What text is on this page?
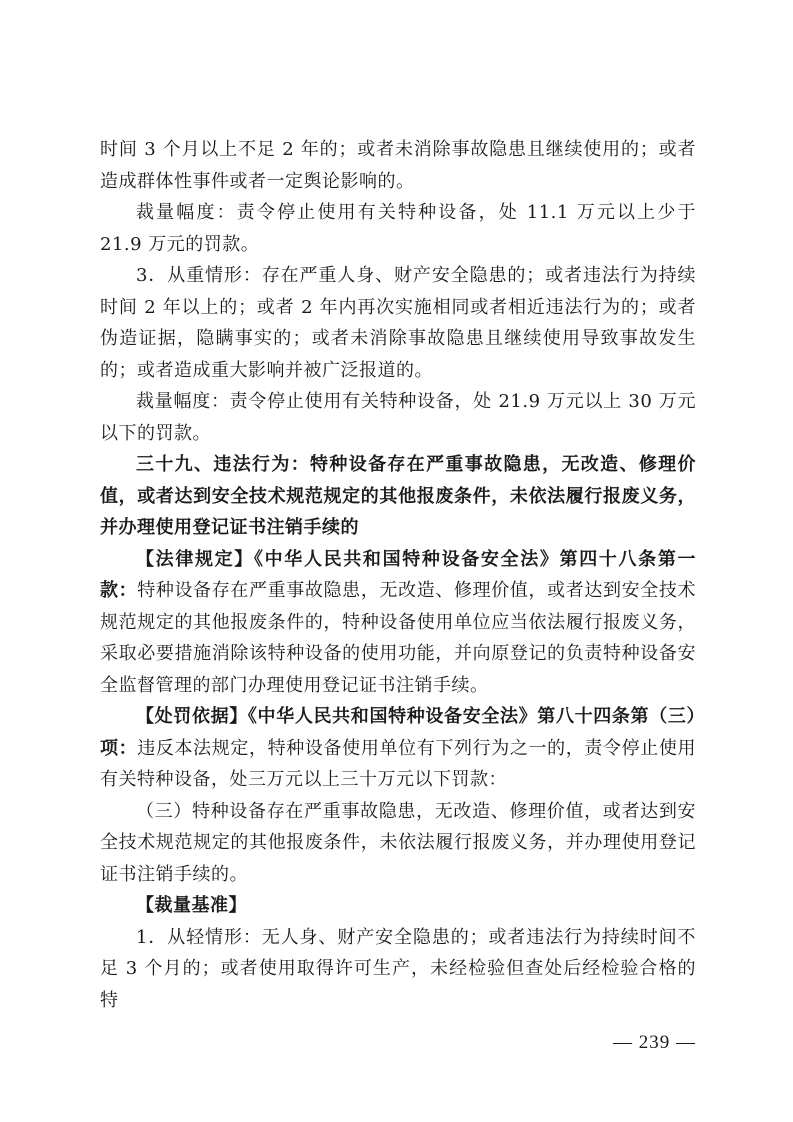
时间 3 个月以上不足 2 年的；或者未消除事故隐患且继续使用的；或者造成群体性事件或者一定舆论影响的。

裁量幅度：责令停止使用有关特种设备，处 11.1 万元以上少于 21.9 万元的罚款。

3．从重情形：存在严重人身、财产安全隐患的；或者违法行为持续时间 2 年以上的；或者 2 年内再次实施相同或者相近违法行为的；或者伪造证据，隐瞒事实的；或者未消除事故隐患且继续使用导致事故发生的；或者造成重大影响并被广泛报道的。

裁量幅度：责令停止使用有关特种设备，处 21.9 万元以上 30 万元以下的罚款。

三十九、违法行为：特种设备存在严重事故隐患，无改造、修理价值，或者达到安全技术规范规定的其他报废条件，未依法履行报废义务，并办理使用登记证书注销手续的

【法律规定】《中华人民共和国特种设备安全法》第四十八条第一款：特种设备存在严重事故隐患，无改造、修理价值，或者达到安全技术规范规定的其他报废条件的，特种设备使用单位应当依法履行报废义务，采取必要措施消除该特种设备的使用功能，并向原登记的负责特种设备安全监督管理的部门办理使用登记证书注销手续。

【处罚依据】《中华人民共和国特种设备安全法》第八十四条第（三）项：违反本法规定，特种设备使用单位有下列行为之一的，责令停止使用有关特种设备，处三万元以上三十万元以下罚款：

（三）特种设备存在严重事故隐患，无改造、修理价值，或者达到安全技术规范规定的其他报废条件，未依法履行报废义务，并办理使用登记证书注销手续的。

【裁量基准】

1．从轻情形：无人身、财产安全隐患的；或者违法行为持续时间不足 3 个月的；或者使用取得许可生产，未经检验但查处后经检验合格的特

— 239 —
